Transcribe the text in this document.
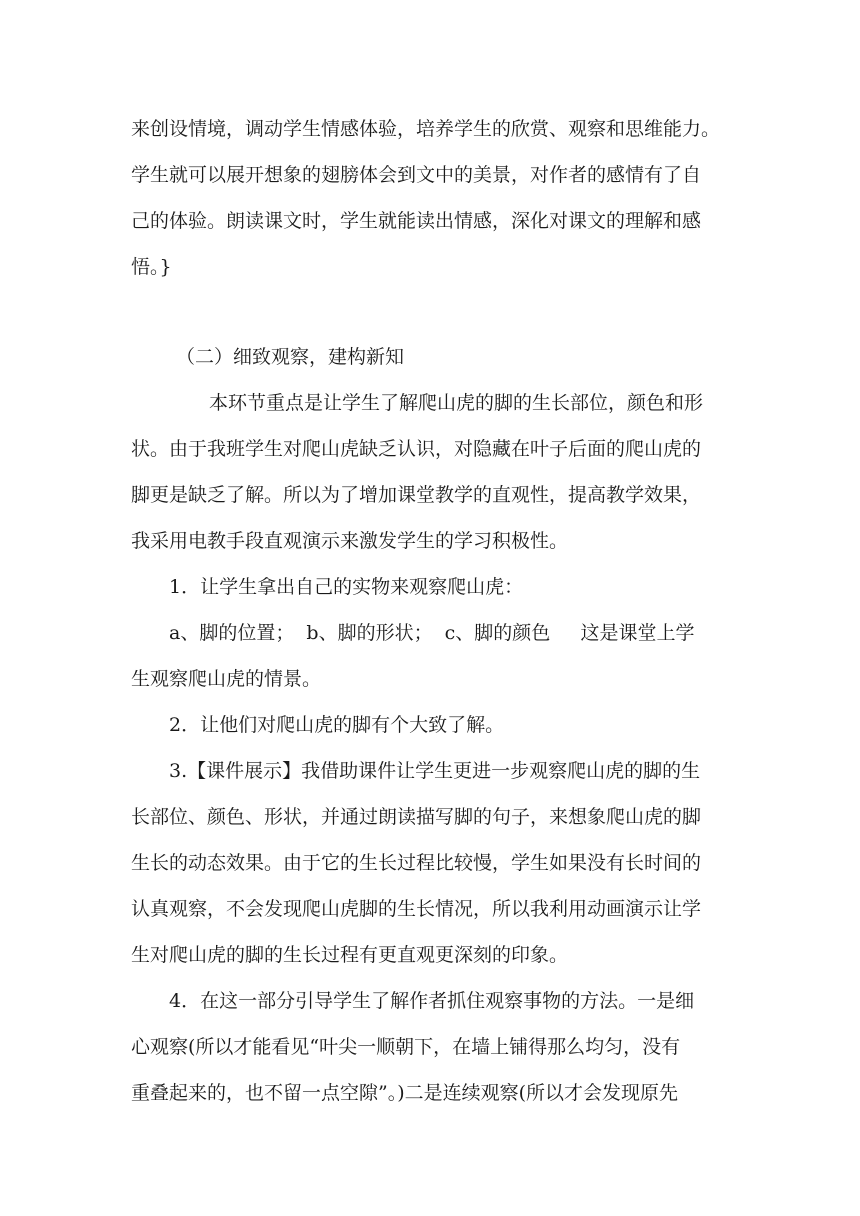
来创设情境，调动学生情感体验，培养学生的欣赏、观察和思维能力。
学生就可以展开想象的翅膀体会到文中的美景，对作者的感情有了自
己的体验。朗读课文时，学生就能读出情感，深化对课文的理解和感
悟。}
（二）细致观察，建构新知
本环节重点是让学生了解爬山虎的脚的生长部位，颜色和形
状。由于我班学生对爬山虎缺乏认识，对隐藏在叶子后面的爬山虎的
脚更是缺乏了解。所以为了增加课堂教学的直观性，提高教学效果，
我采用电教手段直观演示来激发学生的学习积极性。
1．让学生拿出自己的实物来观察爬山虎：
a、脚的位置；  b、脚的形状；  c、脚的颜色     这是课堂上学
生观察爬山虎的情景。
2．让他们对爬山虎的脚有个大致了解。
3.【课件展示】我借助课件让学生更进一步观察爬山虎的脚的生
长部位、颜色、形状，并通过朗读描写脚的句子，来想象爬山虎的脚
生长的动态效果。由于它的生长过程比较慢，学生如果没有长时间的
认真观察，不会发现爬山虎脚的生长情况，所以我利用动画演示让学
生对爬山虎的脚的生长过程有更直观更深刻的印象。
4．在这一部分引导学生了解作者抓住观察事物的方法。一是细
心观察(所以才能看见“叶尖一顺朝下，在墙上铺得那么均匀，没有
重叠起来的，也不留一点空隙”。)二是连续观察(所以才会发现原先
